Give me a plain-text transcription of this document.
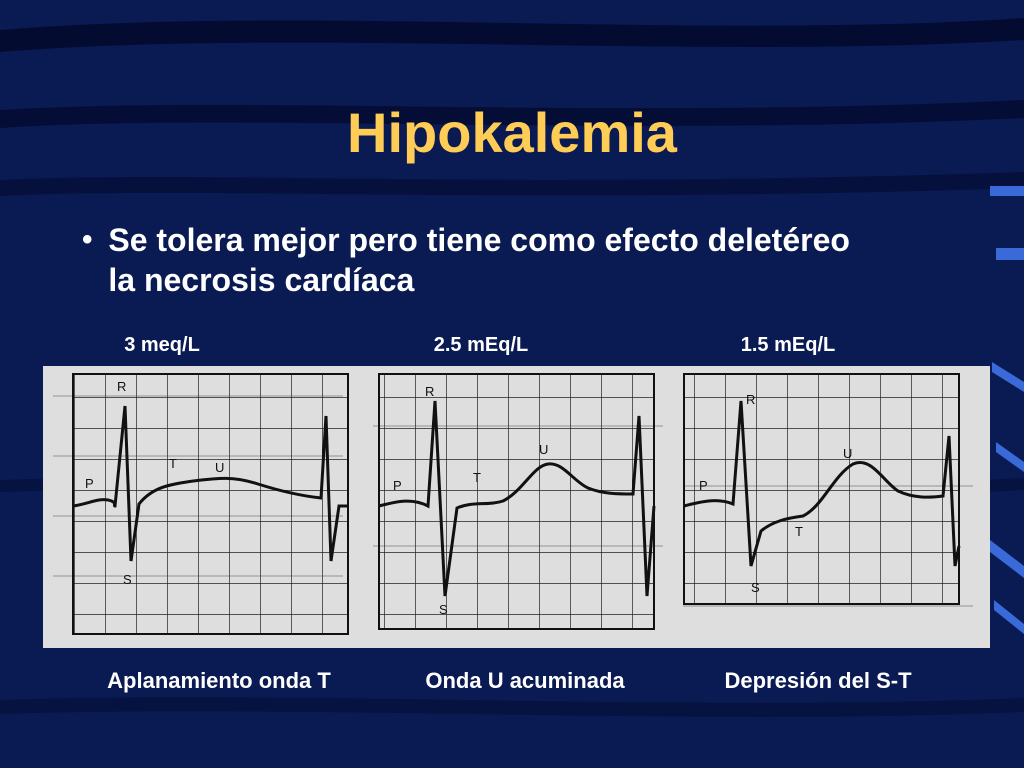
Hipokalemia
• Se tolera mejor pero tiene como efecto deletéreo la necrosis cardíaca
3 meq/L	2.5 mEq/L	1.5 mEq/L
R
P
T	U
S
R
P
T
U
S
R
P
T
U
S
Aplanamiento onda T	Onda U acuminada	Depresión del S-T
